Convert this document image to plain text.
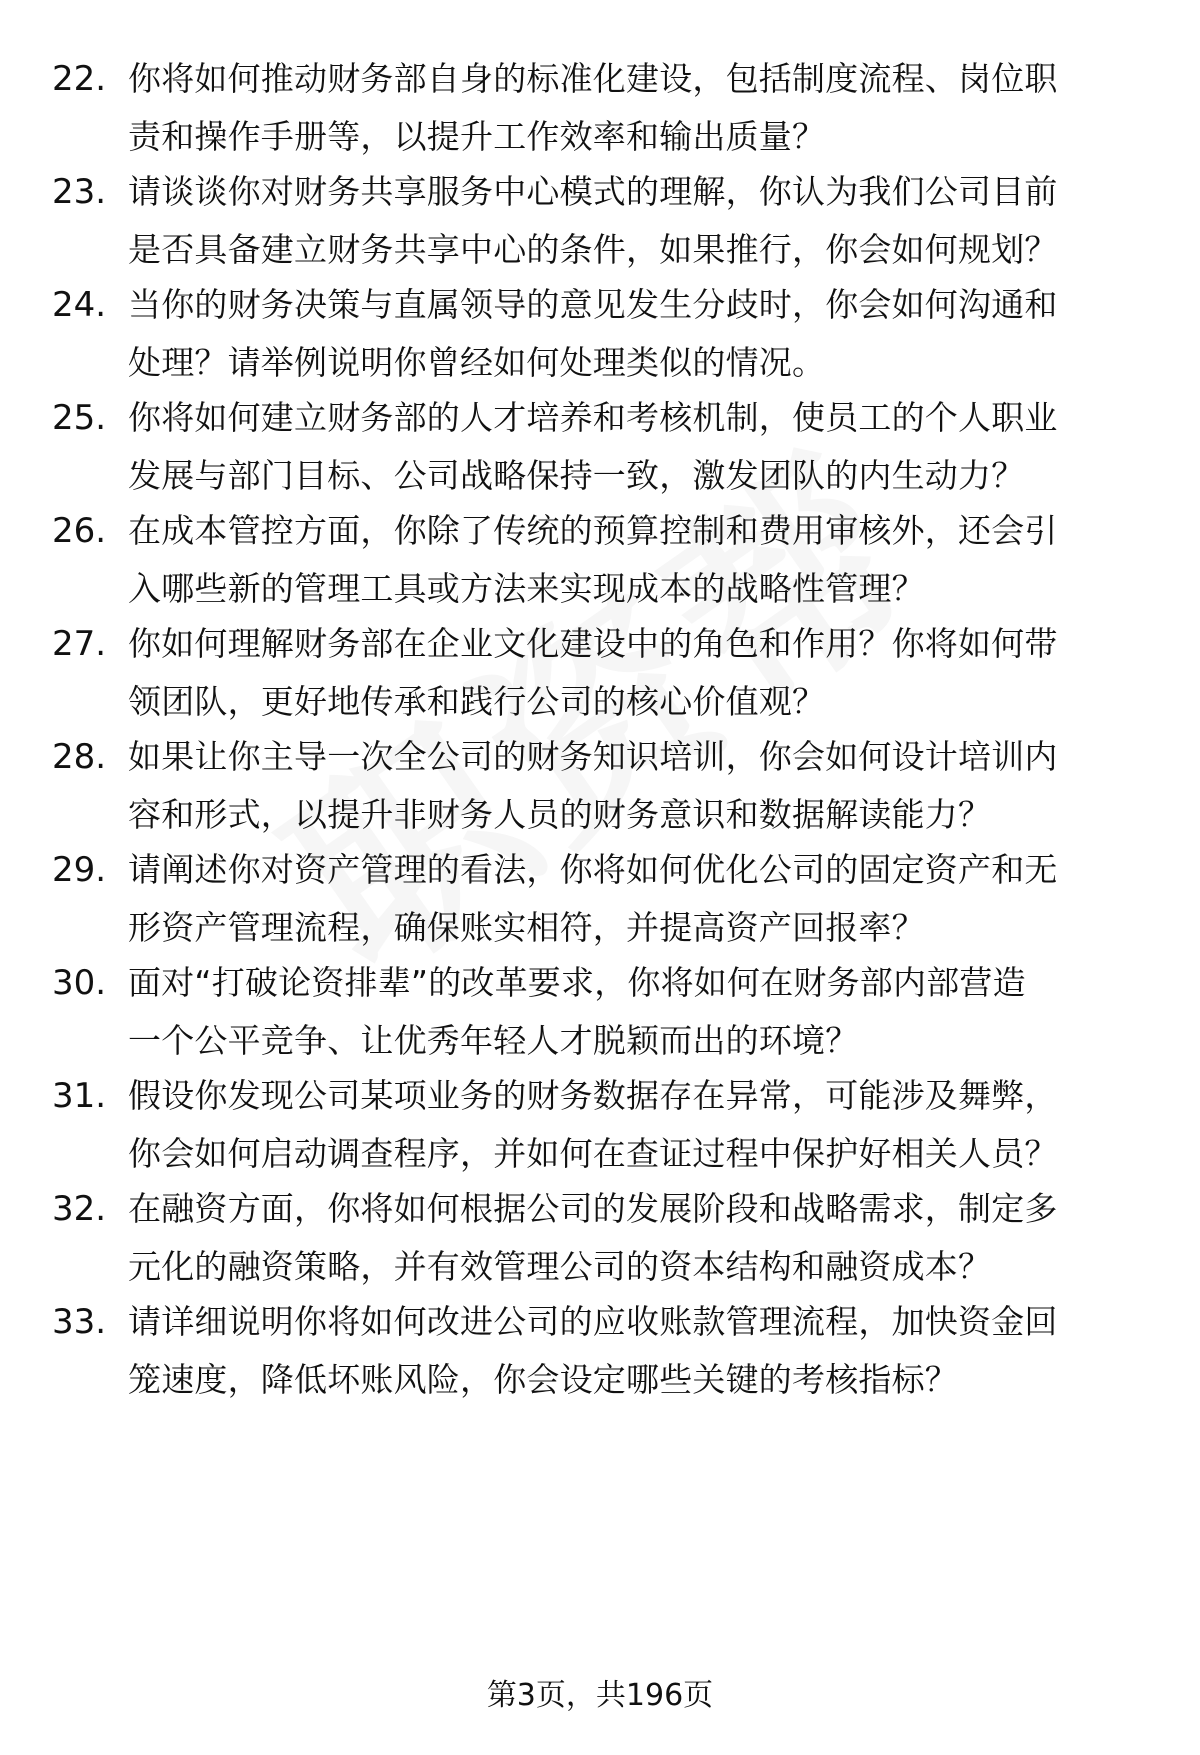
22. 你将如何推动财务部自身的标准化建设，包括制度流程、岗位职
责和操作手册等，以提升工作效率和输出质量？
23. 请谈谈你对财务共享服务中心模式的理解，你认为我们公司目前
是否具备建立财务共享中心的条件，如果推行，你会如何规划？
24. 当你的财务决策与直属领导的意见发生分歧时，你会如何沟通和
处理？请举例说明你曾经如何处理类似的情况。
25. 你将如何建立财务部的人才培养和考核机制，使员工的个人职业
发展与部门目标、公司战略保持一致，激发团队的内生动力？
26. 在成本管控方面，你除了传统的预算控制和费用审核外，还会引
入哪些新的管理工具或方法来实现成本的战略性管理？
27. 你如何理解财务部在企业文化建设中的角色和作用？你将如何带
领团队，更好地传承和践行公司的核心价值观？
28. 如果让你主导一次全公司的财务知识培训，你会如何设计培训内
容和形式，以提升非财务人员的财务意识和数据解读能力？
29. 请阐述你对资产管理的看法，你将如何优化公司的固定资产和无
形资产管理流程，确保账实相符，并提高资产回报率？
30. 面对“打破论资排辈”的改革要求，你将如何在财务部内部营造
一个公平竞争、让优秀年轻人才脱颖而出的环境？
31. 假设你发现公司某项业务的财务数据存在异常，可能涉及舞弊，
你会如何启动调查程序，并如何在查证过程中保护好相关人员？
32. 在融资方面，你将如何根据公司的发展阶段和战略需求，制定多
元化的融资策略，并有效管理公司的资本结构和融资成本？
33. 请详细说明你将如何改进公司的应收账款管理流程，加快资金回
笼速度，降低坏账风险，你会设定哪些关键的考核指标？
第3页，共196页
